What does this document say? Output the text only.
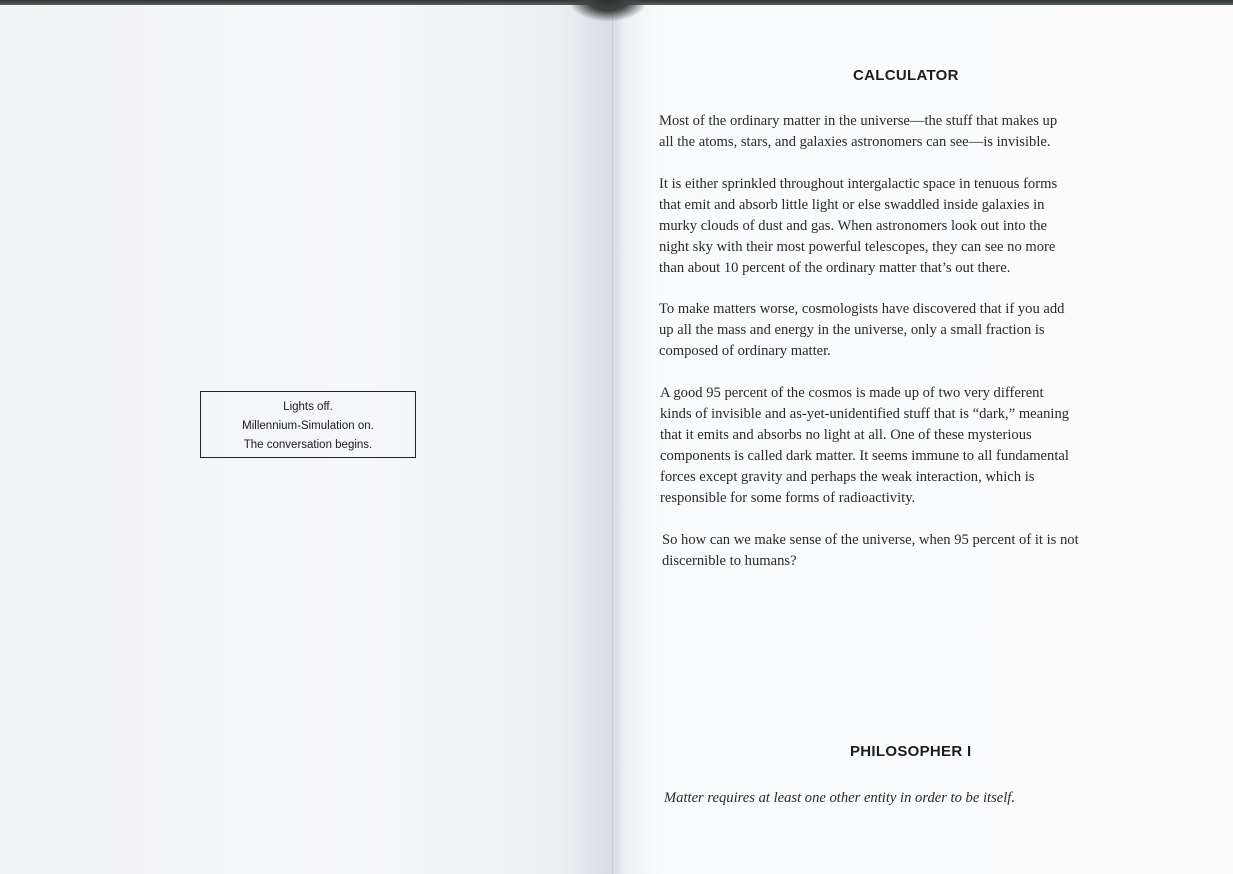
Lights off.
Millennium-Simulation on.
The conversation begins.
CALCULATOR

Most of the ordinary matter in the universe—the stuff that makes up
all the atoms, stars, and galaxies astronomers can see—is invisible.

It is either sprinkled throughout intergalactic space in tenuous forms
that emit and absorb little light or else swaddled inside galaxies in
murky clouds of dust and gas. When astronomers look out into the
night sky with their most powerful telescopes, they can see no more
than about 10 percent of the ordinary matter that’s out there.

To make matters worse, cosmologists have discovered that if you add
up all the mass and energy in the universe, only a small fraction is
composed of ordinary matter.

A good 95 percent of the cosmos is made up of two very different
kinds of invisible and as-yet-unidentified stuff that is “dark,” meaning
that it emits and absorbs no light at all. One of these mysterious
components is called dark matter. It seems immune to all fundamental
forces except gravity and perhaps the weak interaction, which is
responsible for some forms of radioactivity.

So how can we make sense of the universe, when 95 percent of it is not
discernible to humans?

PHILOSOPHER I
Matter requires at least one other entity in order to be itself.
